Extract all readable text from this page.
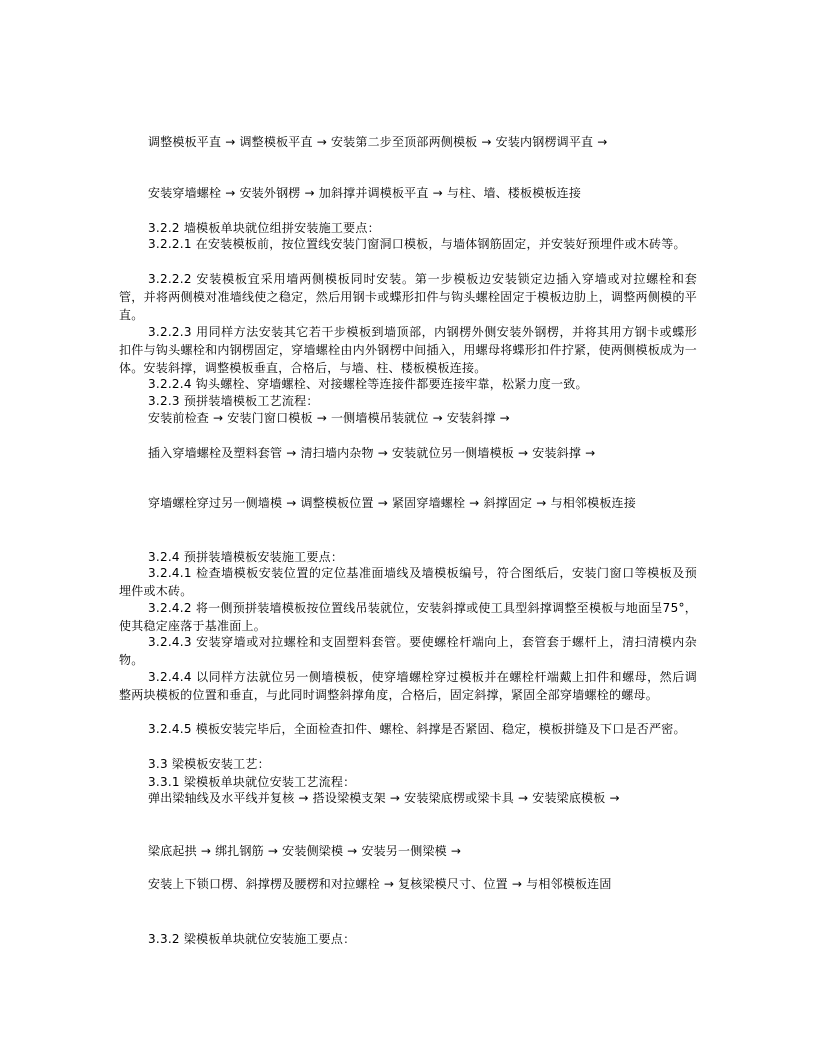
调整模板平直 → 调整模板平直 → 安装第二步至顶部两侧模板 → 安装内钢楞调平直 →
安装穿墙螺栓 → 安装外钢楞 → 加斜撑并调模板平直 → 与柱、墙、楼板模板连接
3.2.2 墙模板单块就位组拼安装施工要点：
3.2.2.1 在安装模板前，按位置线安装门窗洞口模板，与墙体钢筋固定，并安装好预埋件或木砖等。
3.2.2.2 安装模板宜采用墙两侧模板同时安装。第一步模板边安装锁定边插入穿墙或对拉螺栓和套管，并将两侧模对准墙线使之稳定，然后用钢卡或蝶形扣件与钩头螺栓固定于模板边肋上，调整两侧模的平直。
3.2.2.3 用同样方法安装其它若干步模板到墙顶部，内钢楞外侧安装外钢楞，并将其用方钢卡或蝶形扣件与钩头螺栓和内钢楞固定，穿墙螺栓由内外钢楞中间插入，用螺母将蝶形扣件拧紧，使两侧模板成为一体。安装斜撑，调整模板垂直，合格后，与墙、柱、楼板模板连接。
3.2.2.4 钩头螺栓、穿墙螺栓、对接螺栓等连接件都要连接牢靠，松紧力度一致。
3.2.3 预拼装墙模板工艺流程：
安装前检查 → 安装门窗口模板 → 一侧墙模吊装就位 → 安装斜撑 →
插入穿墙螺栓及塑料套管 → 清扫墙内杂物 → 安装就位另一侧墙模板 → 安装斜撑 →
穿墙螺栓穿过另一侧墙模 → 调整模板位置 → 紧固穿墙螺栓 → 斜撑固定 → 与相邻模板连接
3.2.4 预拼装墙模板安装施工要点：
3.2.4.1 检查墙模板安装位置的定位基准面墙线及墙模板编号，符合图纸后，安装门窗口等模板及预埋件或木砖。
3.2.4.2 将一侧预拼装墙模板按位置线吊装就位，安装斜撑或使工具型斜撑调整至模板与地面呈75°，使其稳定座落于基准面上。
3.2.4.3 安装穿墙或对拉螺栓和支固塑料套管。要使螺栓杆端向上，套管套于螺杆上，清扫清模内杂物。
3.2.4.4 以同样方法就位另一侧墙模板，使穿墙螺栓穿过模板并在螺栓杆端戴上扣件和螺母，然后调整两块模板的位置和垂直，与此同时调整斜撑角度，合格后，固定斜撑，紧固全部穿墙螺栓的螺母。
3.2.4.5 模板安装完毕后，全面检查扣件、螺栓、斜撑是否紧固、稳定，模板拼缝及下口是否严密。
3.3 梁模板安装工艺：
3.3.1 梁模板单块就位安装工艺流程：
弹出梁轴线及水平线并复核 → 搭设梁模支架 → 安装梁底楞或梁卡具 → 安装梁底模板 →
梁底起拱 → 绑扎钢筋 → 安装侧梁模 → 安装另一侧梁模 →
安装上下锁口楞、斜撑楞及腰楞和对拉螺栓 → 复核梁模尺寸、位置 → 与相邻模板连固
3.3.2 梁模板单块就位安装施工要点：
